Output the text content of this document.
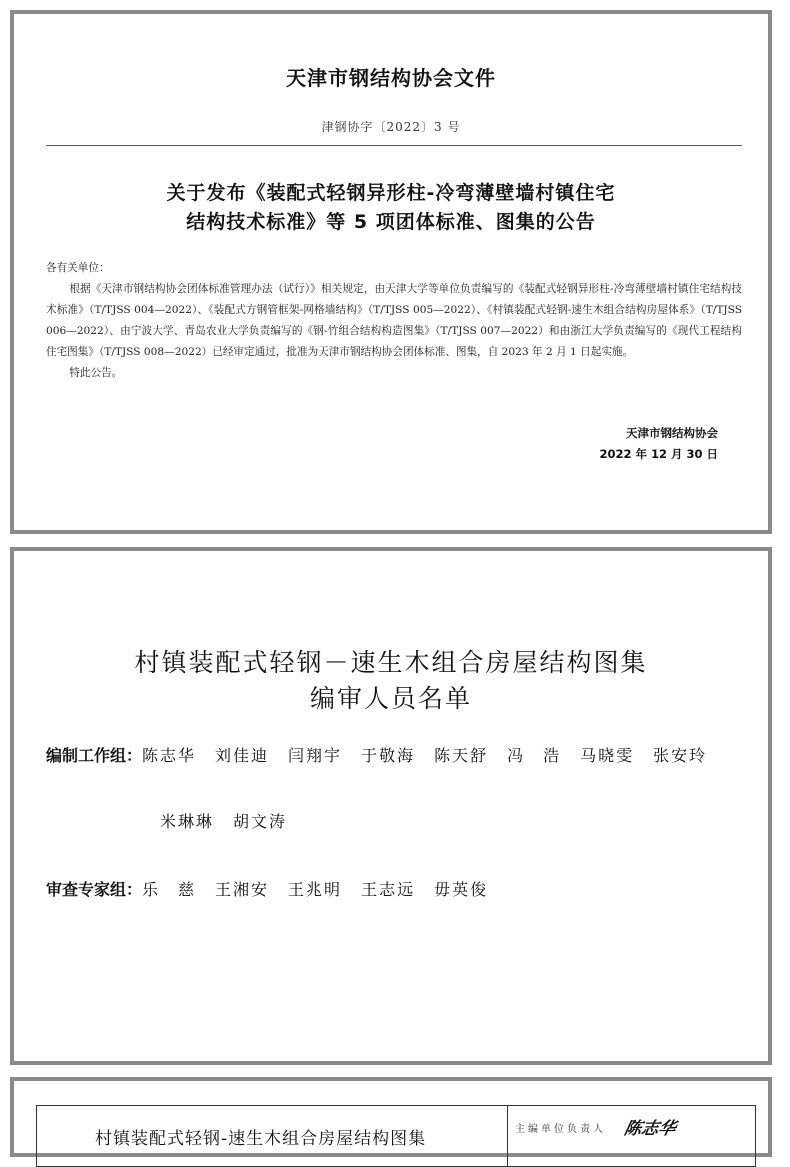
天津市钢结构协会文件
津钢协字〔2022〕3 号
关于发布《装配式轻钢异形柱-冷弯薄壁墙村镇住宅
结构技术标准》等 5 项团体标准、图集的公告

各有关单位：

根据《天津市钢结构协会团体标准管理办法（试行）》相关规定，由天津大学等单位负责编写的《装配式轻钢异形柱-冷弯薄壁墙村镇住宅结构技术标准》（T/TJSS 004—2022）、《装配式方钢管框架-网格墙结构》（T/TJSS 005—2022）、《村镇装配式轻钢-速生木组合结构房屋体系》（T/TJSS 006—2022）、由宁波大学、青岛农业大学负责编写的《钢-竹组合结构构造图集》（T/TJSS 007—2022）和由浙江大学负责编写的《现代工程结构住宅图集》（T/TJSS 008—2022）已经审定通过，批准为天津市钢结构协会团体标准、图集，自 2023 年 2 月 1 日起实施。

特此公告。

天津市钢结构协会
2022 年 12 月 30 日
村镇装配式轻钢－速生木组合房屋结构图集
编审人员名单
编制工作组：陈志华 刘佳迪 闫翔宇 于敬海 陈天舒 冯　浩 马晓雯 张安玲
米琳琳 胡文涛
审查专家组：乐　慈 王湘安 王兆明 王志远 毋英俊
村镇装配式轻钢-速生木组合房屋结构图集	主编单位负责人 陈志华
